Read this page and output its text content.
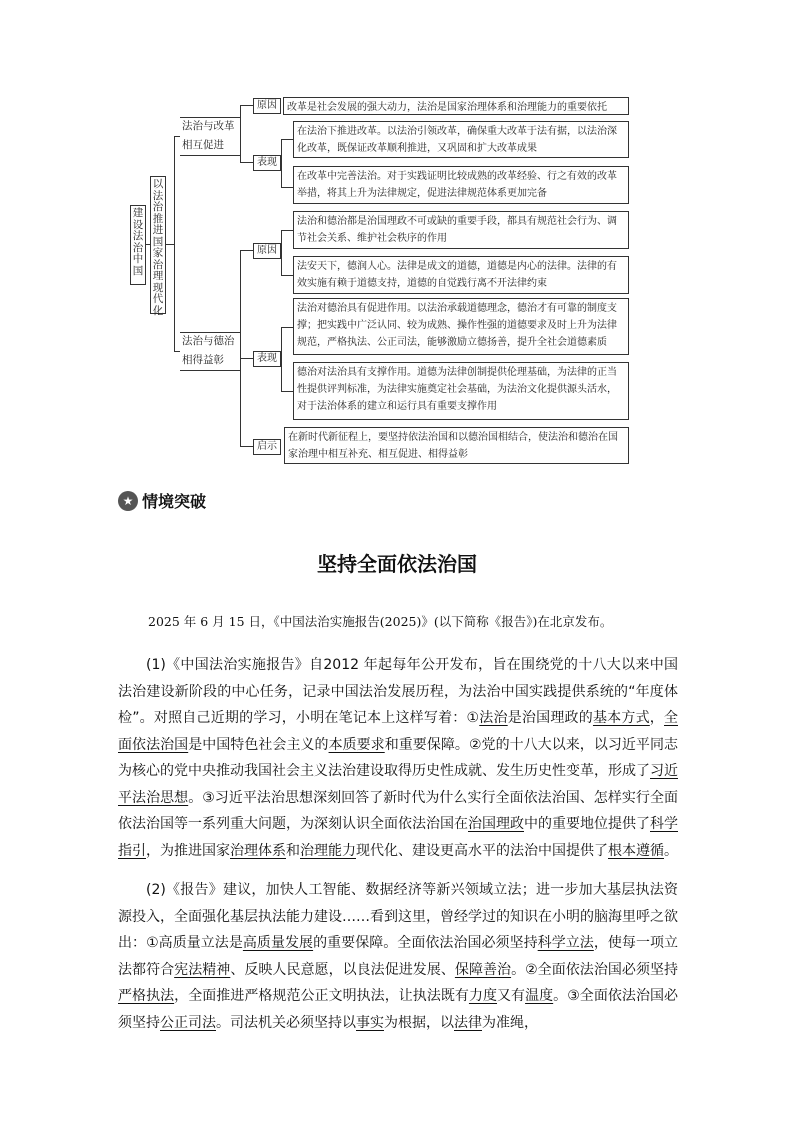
建设法治中国
以法治推进国家治理现代化
法治与改革
相互促进
原因	改革是社会发展的强大动力，法治是国家治理体系和治理能力的重要依托
表现
在法治下推进改革。以法治引领改革，确保重大改革于法有据，以法治深化改革，既保证改革顺利推进，又巩固和扩大改革成果
在改革中完善法治。对于实践证明比较成熟的改革经验、行之有效的改革举措，将其上升为法律规定，促进法律规范体系更加完备
法治与德治
相得益彰
原因
法治和德治都是治国理政不可或缺的重要手段，都具有规范社会行为、调节社会关系、维护社会秩序的作用
法安天下，德润人心。法律是成文的道德，道德是内心的法律。法律的有效实施有赖于道德支持，道德的自觉践行离不开法律约束
表现
法治对德治具有促进作用。以法治承载道德理念，德治才有可靠的制度支撑；把实践中广泛认同、较为成熟、操作性强的道德要求及时上升为法律规范，严格执法、公正司法，能够激励立德扬善，提升全社会道德素质
德治对法治具有支撑作用。道德为法律创制提供伦理基础，为法律的正当性提供评判标准，为法律实施奠定社会基础，为法治文化提供源头活水，对于法治体系的建立和运行具有重要支撑作用
启示
在新时代新征程上，要坚持依法治国和以德治国相结合，使法治和德治在国家治理中相互补充、相互促进、相得益彰
★ 情境突破
坚持全面依法治国
2025 年 6 月 15 日，《中国法治实施报告(2025)》(以下简称《报告》)在北京发布。

(1)《中国法治实施报告》自2012 年起每年公开发布，旨在围绕党的十八大以来中国法治建设新阶段的中心任务，记录中国法治发展历程，为法治中国实践提供系统的“年度体检”。对照自己近期的学习，小明在笔记本上这样写着：①法治是治国理政的基本方式，全面依法治国是中国特色社会主义的本质要求和重要保障。②党的十八大以来，以习近平同志为核心的党中央推动我国社会主义法治建设取得历史性成就、发生历史性变革，形成了习近平法治思想。③习近平法治思想深刻回答了新时代为什么实行全面依法治国、怎样实行全面依法治国等一系列重大问题，为深刻认识全面依法治国在治国理政中的重要地位提供了科学指引，为推进国家治理体系和治理能力现代化、建设更高水平的法治中国提供了根本遵循。

(2)《报告》建议，加快人工智能、数据经济等新兴领域立法；进一步加大基层执法资源投入，全面强化基层执法能力建设……看到这里，曾经学过的知识在小明的脑海里呼之欲出：①高质量立法是高质量发展的重要保障。全面依法治国必须坚持科学立法，使每一项立法都符合宪法精神、反映人民意愿，以良法促进发展、保障善治。②全面依法治国必须坚持严格执法，全面推进严格规范公正文明执法，让执法既有力度又有温度。③全面依法治国必须坚持公正司法。司法机关必须坚持以事实为根据，以法律为准绳，
